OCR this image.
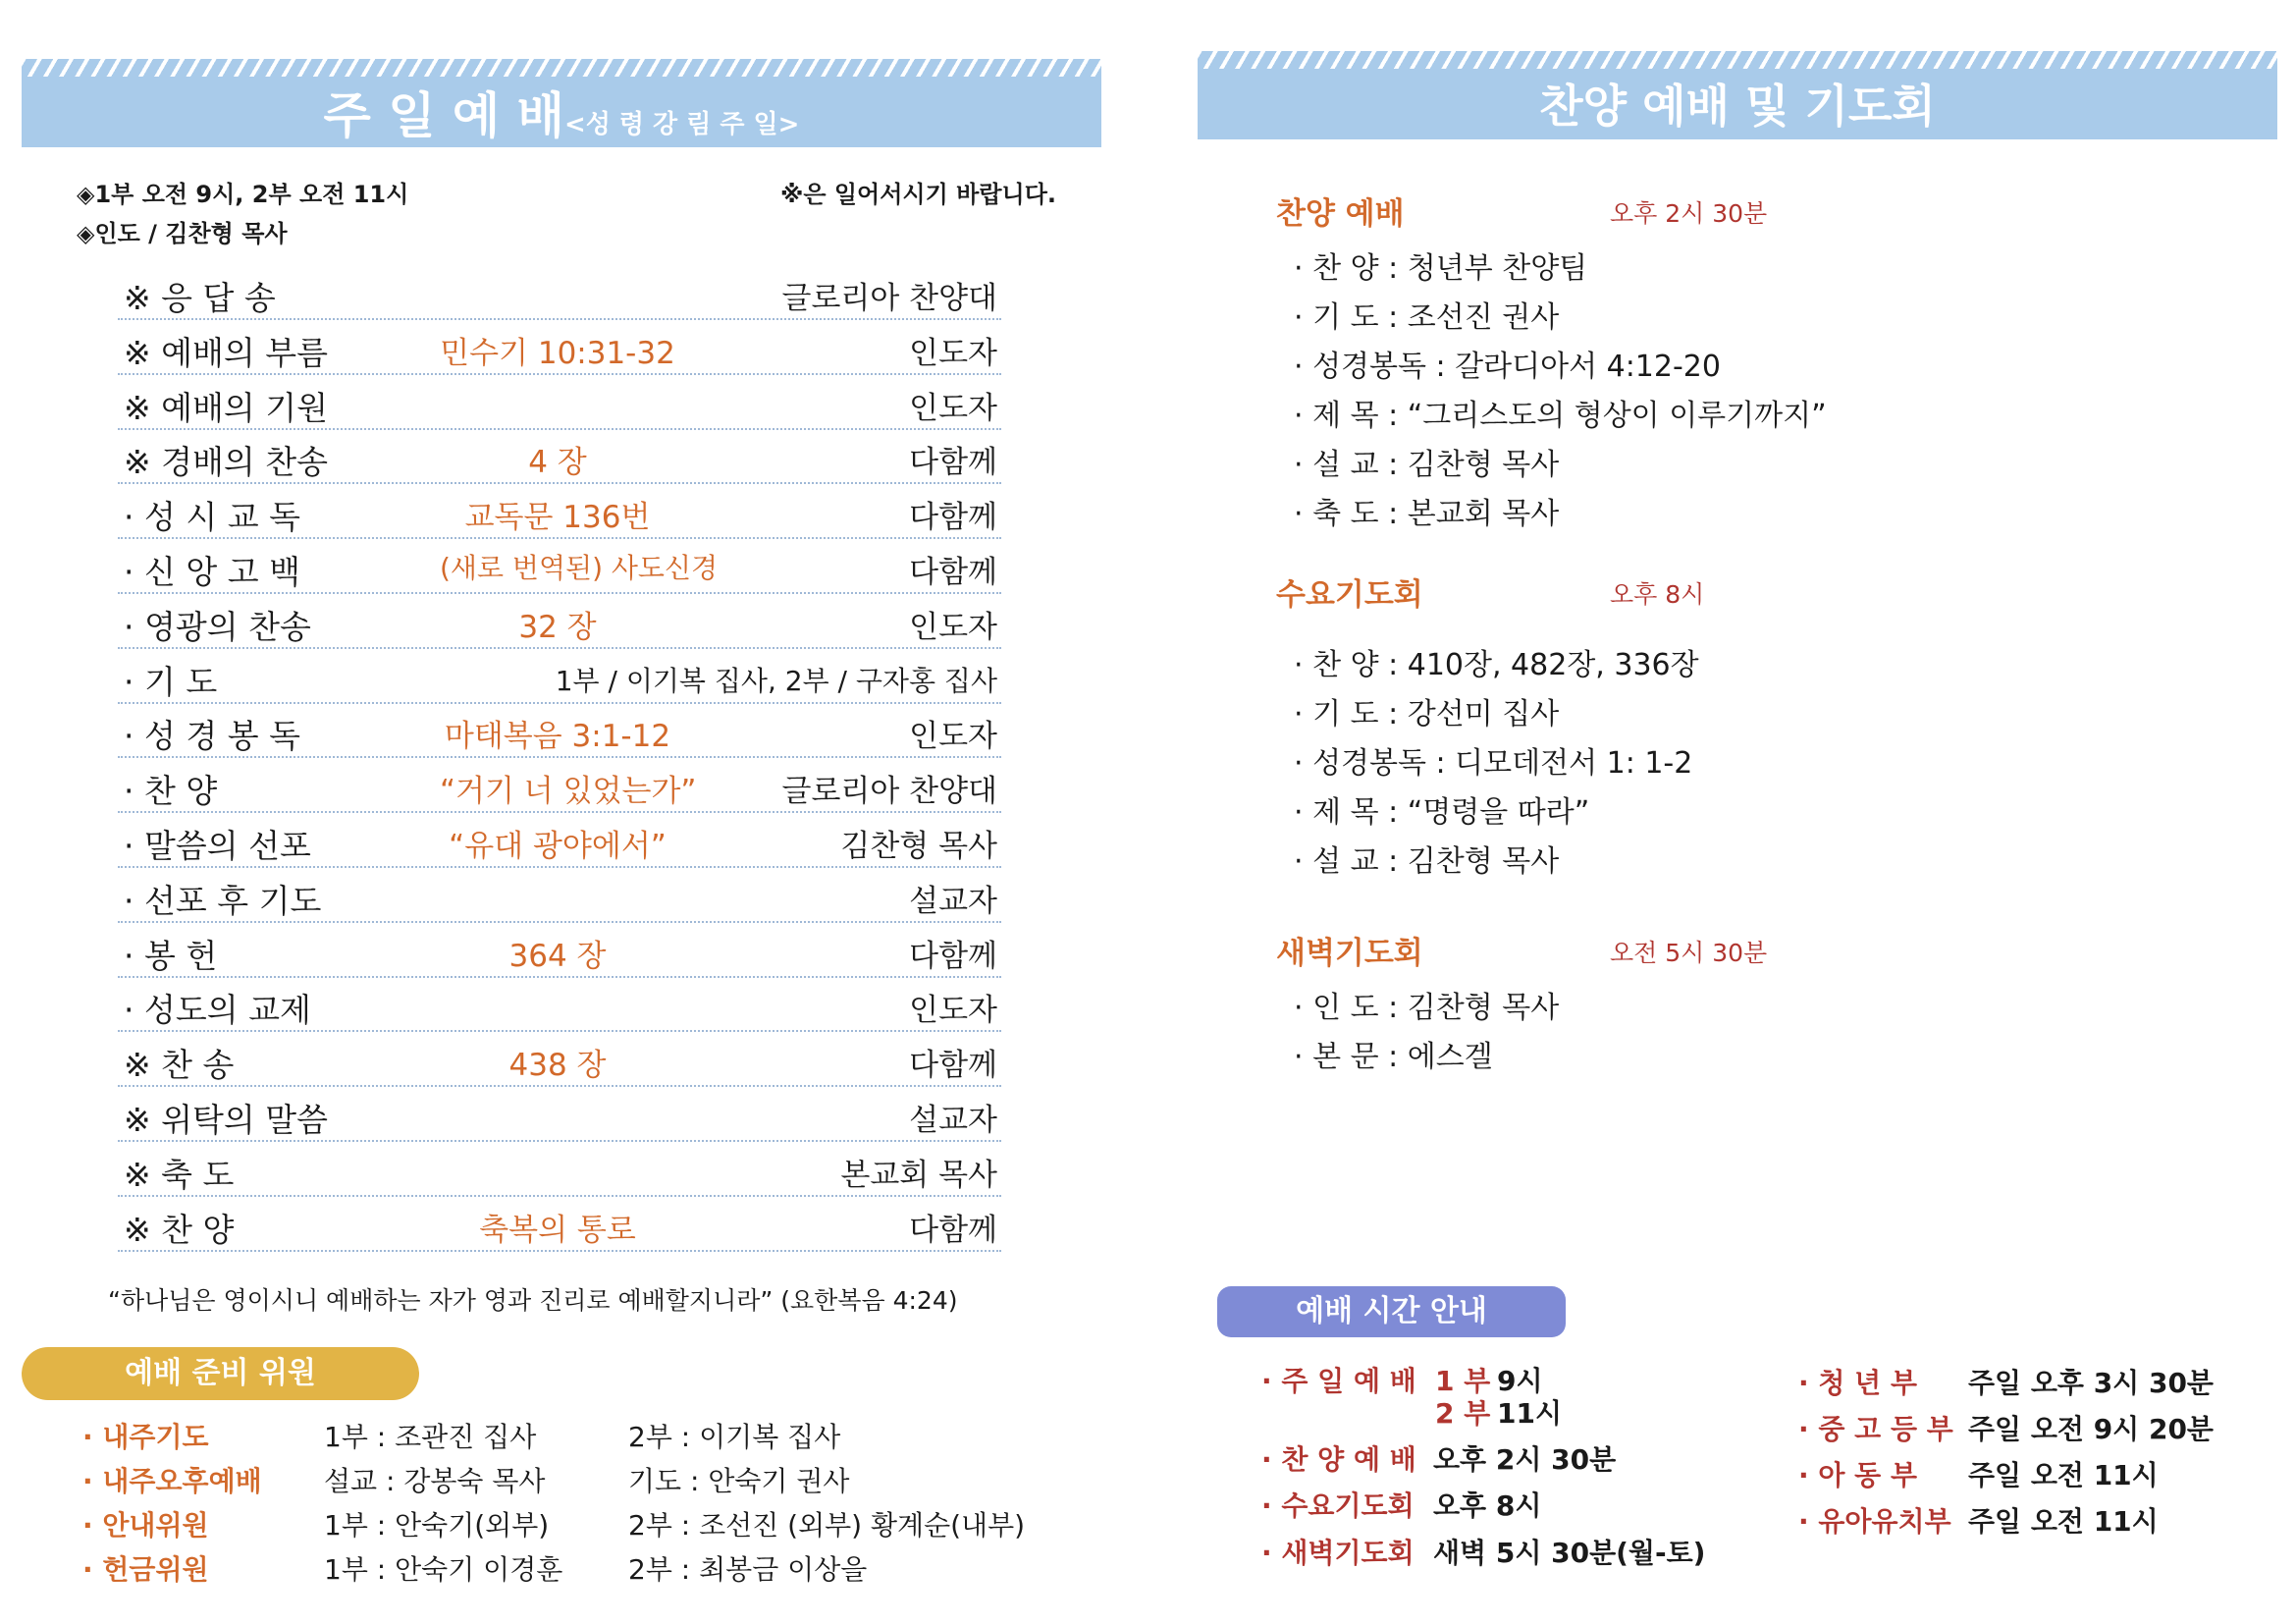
주 일 예 배<성 령 강 림 주 일>
◈1부 오전 9시, 2부 오전 11시
◈인도 / 김찬형 목사
※은 일어서시기 바랍니다.
※ 응 답 송	글로리아 찬양대
※ 예배의 부름	민수기 10:31-32	인도자
※ 예배의 기원	인도자
※ 경배의 찬송	4 장	다함께
· 성 시 교 독	교독문 136번	다함께
· 신 앙 고 백	(새로 번역된) 사도신경	다함께
· 영광의 찬송	32 장	인도자
· 기 도	1부 / 이기복 집사, 2부 / 구자홍 집사
· 성 경 봉 독	마태복음 3:1-12	인도자
· 찬 양	“거기 너 있었는가”	글로리아 찬양대
· 말씀의 선포	“유대 광야에서”	김찬형 목사
· 선포 후 기도	설교자
· 봉 헌	364 장	다함께
· 성도의 교제	인도자
※ 찬 송	438 장	다함께
※ 위탁의 말씀	설교자
※ 축 도	본교회 목사
※ 찬 양	축복의 통로	다함께
“하나님은 영이시니 예배하는 자가 영과 진리로 예배할지니라” (요한복음 4:24)
예배 준비 위원
· 내주기도	1부 : 조관진 집사	2부 : 이기복 집사
· 내주오후예배 설교 : 강봉숙 목사	기도 : 안숙기 권사
· 안내위원	1부 : 안숙기(외부)	2부 : 조선진 (외부) 황계순(내부)
· 헌금위원	1부 : 안숙기 이경훈 2부 : 최봉금 이상을
찬양 예배 및 기도회
찬양 예배	오후 2시 30분
· 찬 양 : 청년부 찬양팀
· 기 도 : 조선진 권사
· 성경봉독 : 갈라디아서 4:12-20
· 제 목 : “그리스도의 형상이 이루기까지”
· 설 교 : 김찬형 목사
· 축 도 : 본교회 목사
수요기도회	오후 8시
· 찬 양 : 410장, 482장, 336장
· 기 도 : 강선미 집사
· 성경봉독 : 디모데전서 1: 1-2
· 제 목 : “명령을 따라”
· 설 교 : 김찬형 목사
새벽기도회	오전 5시 30분
· 인 도 : 김찬형 목사
· 본 문 : 에스겔
예배 시간 안내
· 주 일 예 배 1 부 9시
2 부 11시
· 찬 양 예 배 오후 2시 30분
· 수요기도회 오후 8시
· 새벽기도회 새벽 5시 30분(월-토)
· 청 년 부 주일 오후 3시 30분
· 중 고 등 부 주일 오전 9시 20분
· 아 동 부 주일 오전 11시
· 유아유치부 주일 오전 11시
